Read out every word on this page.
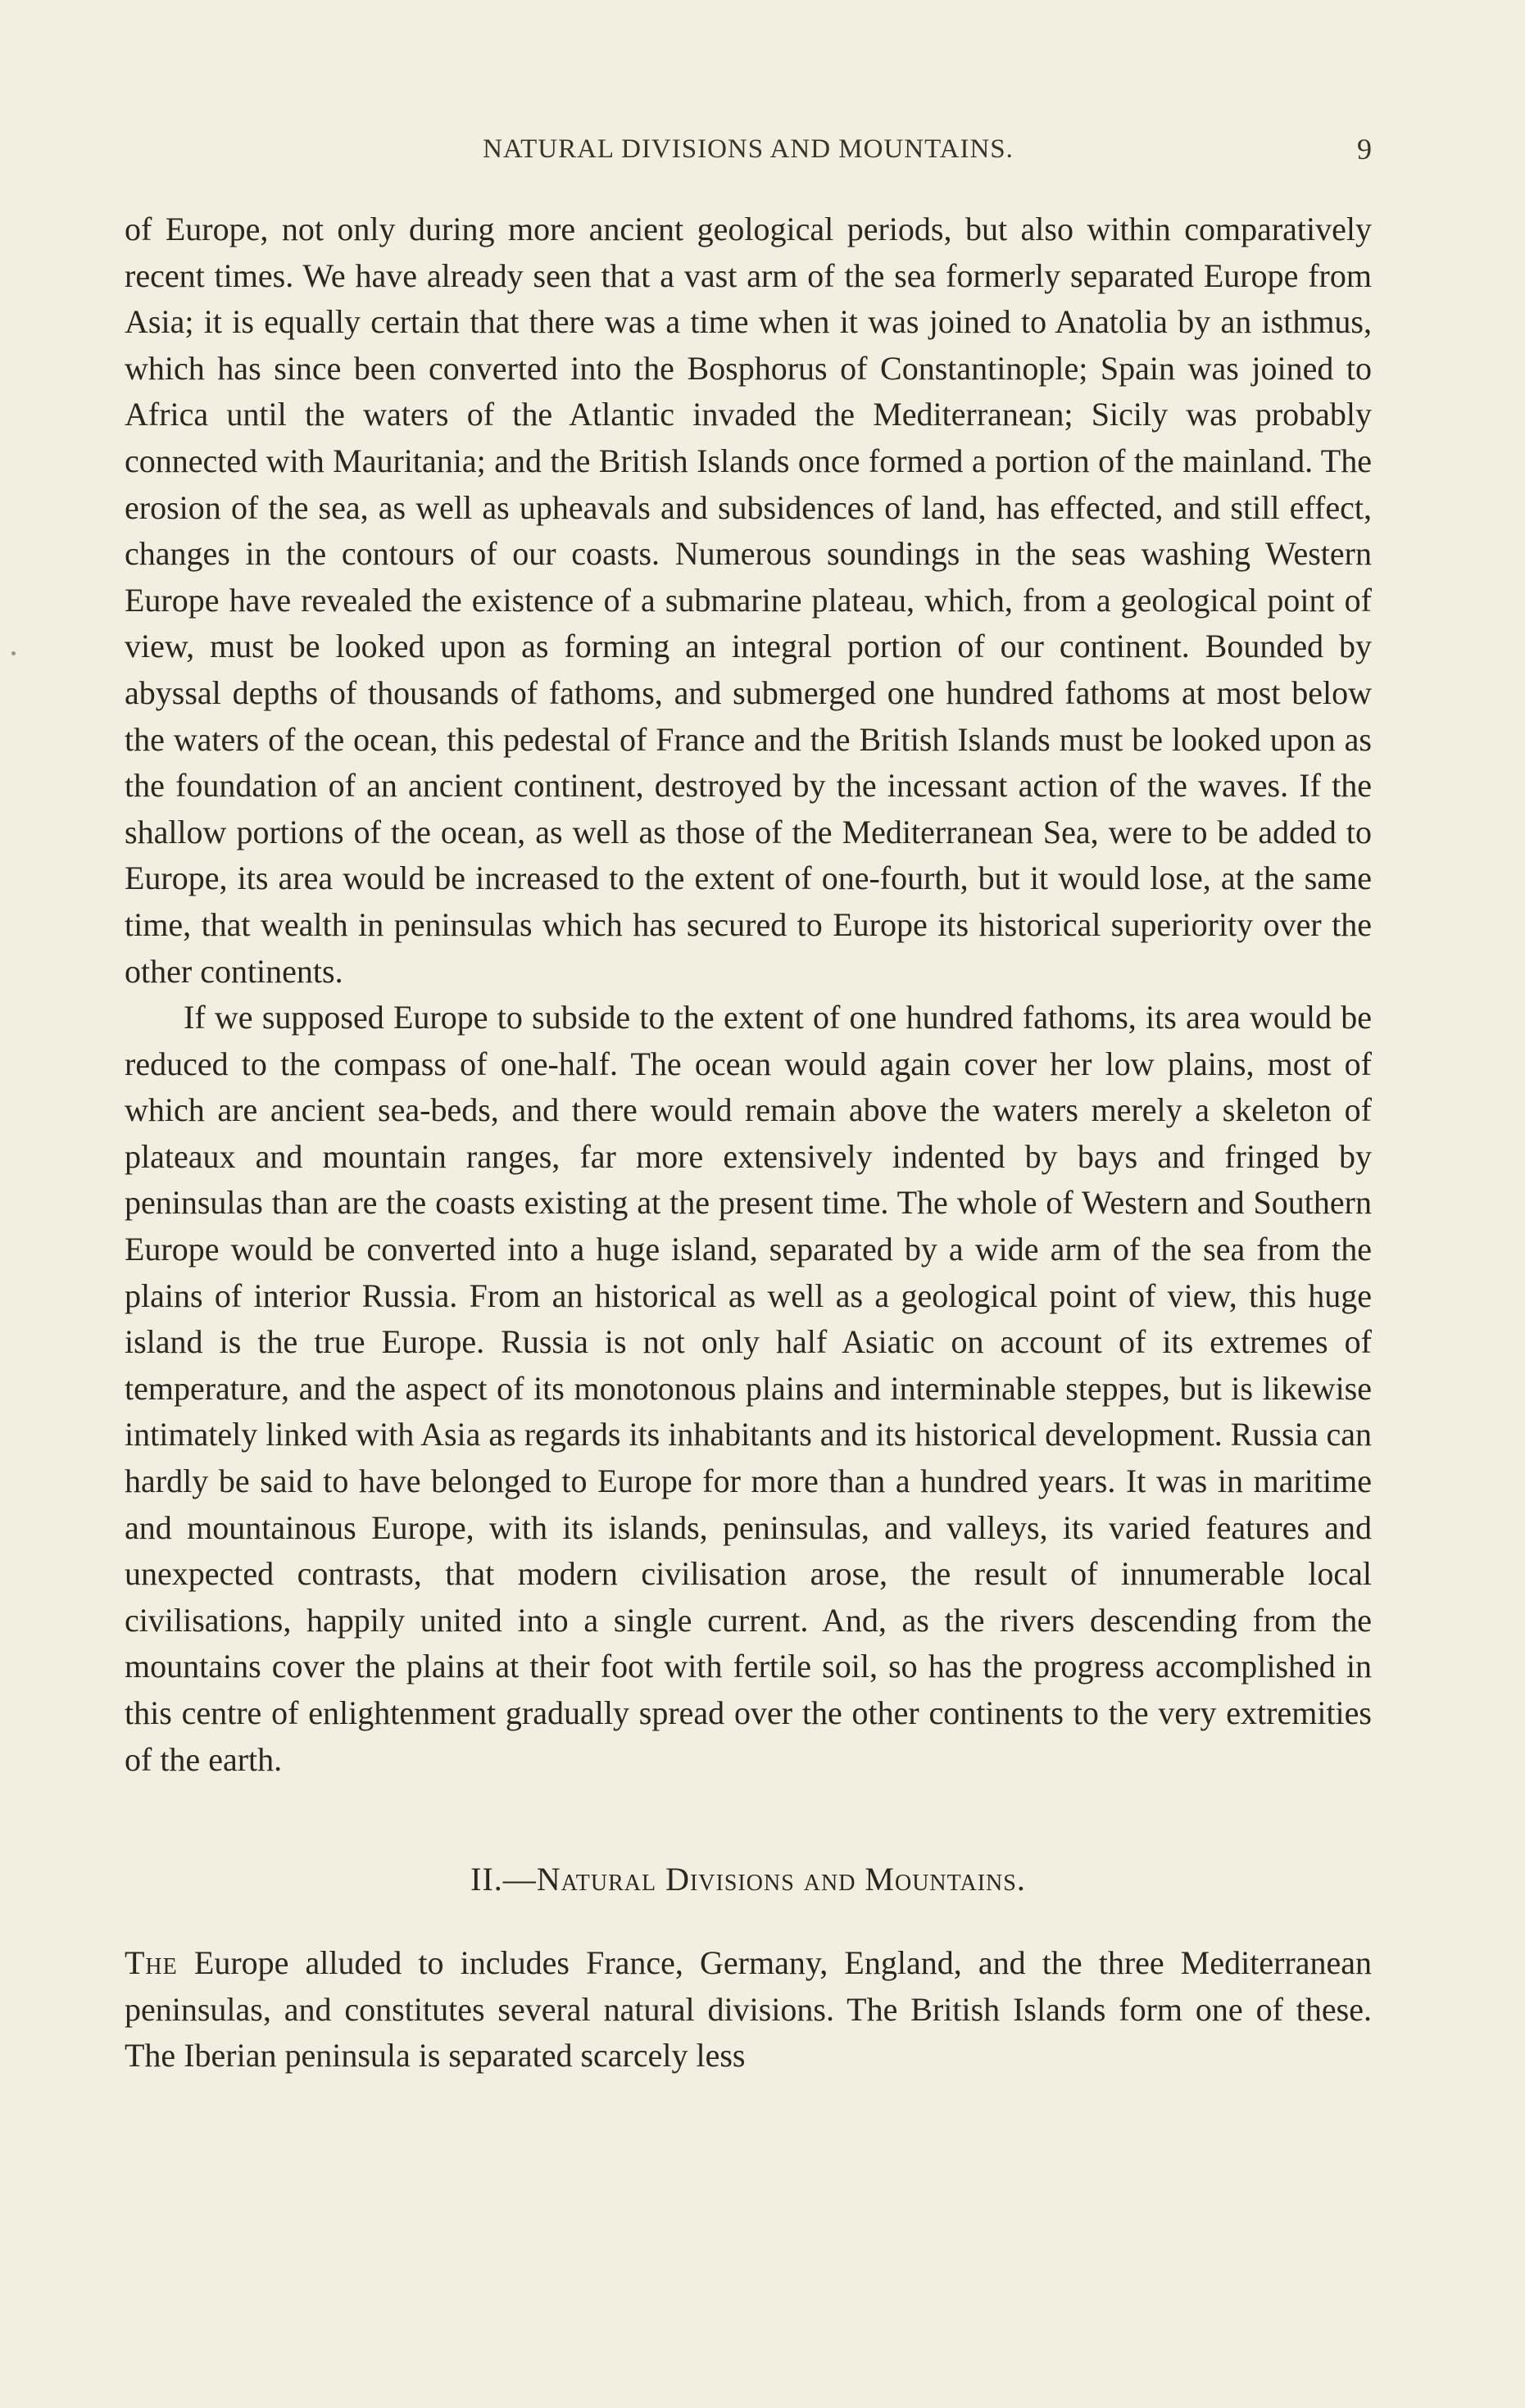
NATURAL DIVISIONS AND MOUNTAINS.	9

of Europe, not only during more ancient geological periods, but also within comparatively recent times. We have already seen that a vast arm of the sea formerly separated Europe from Asia; it is equally certain that there was a time when it was joined to Anatolia by an isthmus, which has since been converted into the Bosphorus of Constantinople; Spain was joined to Africa until the waters of the Atlantic invaded the Mediterranean; Sicily was probably connected with Mauritania; and the British Islands once formed a portion of the mainland. The erosion of the sea, as well as upheavals and subsidences of land, has effected, and still effect, changes in the contours of our coasts. Numerous soundings in the seas washing Western Europe have revealed the existence of a submarine plateau, which, from a geological point of view, must be looked upon as forming an integral portion of our continent. Bounded by abyssal depths of thousands of fathoms, and submerged one hundred fathoms at most below the waters of the ocean, this pedestal of France and the British Islands must be looked upon as the foundation of an ancient continent, destroyed by the incessant action of the waves. If the shallow portions of the ocean, as well as those of the Mediterranean Sea, were to be added to Europe, its area would be increased to the extent of one-fourth, but it would lose, at the same time, that wealth in peninsulas which has secured to Europe its historical superiority over the other continents.

If we supposed Europe to subside to the extent of one hundred fathoms, its area would be reduced to the compass of one-half. The ocean would again cover her low plains, most of which are ancient sea-beds, and there would remain above the waters merely a skeleton of plateaux and mountain ranges, far more extensively indented by bays and fringed by peninsulas than are the coasts existing at the present time. The whole of Western and Southern Europe would be converted into a huge island, separated by a wide arm of the sea from the plains of interior Russia. From an historical as well as a geological point of view, this huge island is the true Europe. Russia is not only half Asiatic on account of its extremes of temperature, and the aspect of its monotonous plains and interminable steppes, but is likewise intimately linked with Asia as regards its inhabitants and its historical development. Russia can hardly be said to have belonged to Europe for more than a hundred years. It was in maritime and mountainous Europe, with its islands, peninsulas, and valleys, its varied features and unexpected contrasts, that modern civilisation arose, the result of innumerable local civilisations, happily united into a single current. And, as the rivers descending from the mountains cover the plains at their foot with fertile soil, so has the progress accomplished in this centre of enlightenment gradually spread over the other continents to the very extremities of the earth.

II.—Natural Divisions and Mountains.

The Europe alluded to includes France, Germany, England, and the three Mediterranean peninsulas, and constitutes several natural divisions. The British Islands form one of these. The Iberian peninsula is separated scarcely less
